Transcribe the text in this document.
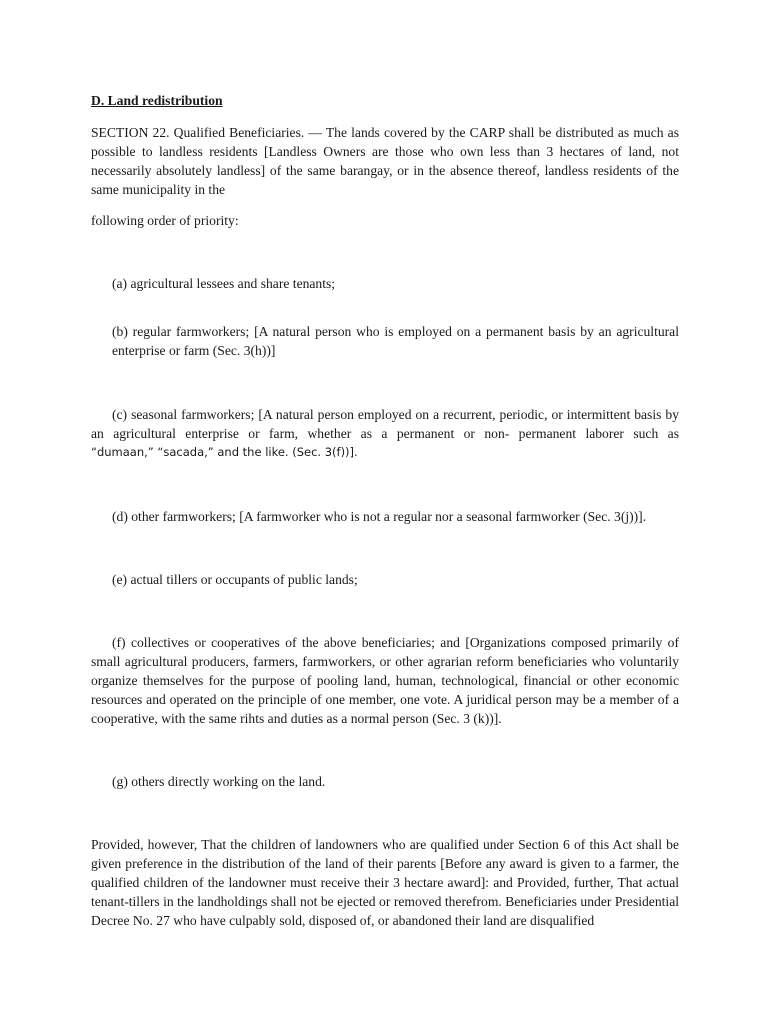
D. Land redistribution

SECTION 22. Qualified Beneficiaries. — The lands covered by the CARP shall be distributed as much as possible to landless residents [Landless Owners are those who own less than 3 hectares of land, not necessarily absolutely landless] of the same barangay, or in the absence thereof, landless residents of the same municipality in the

following order of priority:

(a) agricultural lessees and share tenants;

(b) regular farmworkers; [A natural person who is employed on a permanent basis by an agricultural enterprise or farm (Sec. 3(h))]

(c) seasonal farmworkers; [A natural person employed on a recurrent, periodic, or intermittent basis by an agricultural enterprise or farm, whether as a permanent or non- permanent laborer such as

“dumaan,” “sacada,” and the like. (Sec. 3(f))].

(d) other farmworkers; [A farmworker who is not a regular nor a seasonal farmworker (Sec. 3(j))].

(e) actual tillers or occupants of public lands;

(f) collectives or cooperatives of the above beneficiaries; and [Organizations composed primarily of small agricultural producers, farmers, farmworkers, or other agrarian reform beneficiaries who voluntarily organize themselves for the purpose of pooling land, human, technological, financial or other economic resources and operated on the principle of one member, one vote. A juridical person may be a member of a cooperative, with the same rihts and duties as a normal person (Sec. 3 (k))].

(g) others directly working on the land.

Provided, however, That the children of landowners who are qualified under Section 6 of this Act shall be given preference in the distribution of the land of their parents [Before any award is given to a farmer, the qualified children of the landowner must receive their 3 hectare award]: and Provided, further, That actual tenant-tillers in the landholdings shall not be ejected or removed therefrom. Beneficiaries under Presidential Decree No. 27 who have culpably sold, disposed of, or abandoned their land are disqualified
